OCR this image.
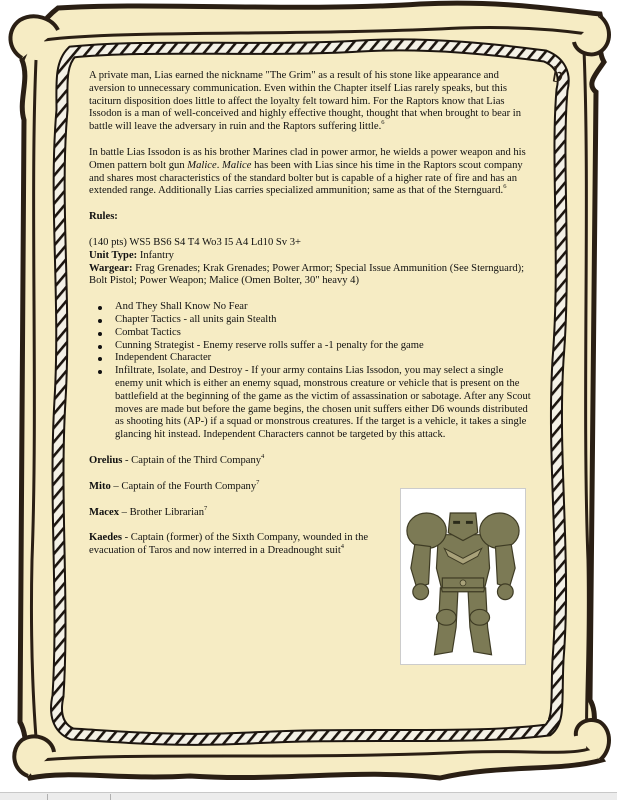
b

A private man, Lias earned the nickname "The Grim" as a result of his stone like appearance and aversion to unnecessary communication. Even within the Chapter itself Lias rarely speaks, but this taciturn disposition does little to affect the loyalty felt toward him. For the Raptors know that Lias Issodon is a man of well-conceived and highly effective thought, thought that when brought to bear in battle will leave the adversary in ruin and the Raptors suffering little.$^6$

In battle Lias Issodon is as his brother Marines clad in power armor, he wields a power weapon and his Omen pattern bolt gun Malice. Malice has been with Lias since his time in the Raptors scout company and shares most characteristics of the standard bolter but is capable of a higher rate of fire and has an extended range. Additionally Lias carries specialized ammunition; same as that of the Sternguard.$^6$

Rules:

(140 pts) WS5 BS6 S4 T4 Wo3 I5 A4 Ld10 Sv 3+

Unit Type: Infantry

Wargear: Frag Grenades; Krak Grenades; Power Armor; Special Issue Ammunition (See Sternguard); Bolt Pistol; Power Weapon; Malice (Omen Bolter, 30" heavy 4)

And They Shall Know No Fear
Chapter Tactics - all units gain Stealth
Combat Tactics
Cunning Strategist - Enemy reserve rolls suffer a -1 penalty for the game
Independent Character
Infiltrate, Isolate, and Destroy - If your army contains Lias Issodon, you may select a single enemy unit which is either an enemy squad, monstrous creature or vehicle that is present on the battlefield at the beginning of the game as the victim of assassination or sabotage. After any Scout moves are made but before the game begins, the chosen unit suffers either D6 wounds distributed as shooting hits (AP-) if a squad or monstrous creatures. If the target is a vehicle, it takes a single glancing hit instead. Independent Characters cannot be targeted by this attack.

Orelius - Captain of the Third Company$^4$

Mito – Captain of the Fourth Company$^7$

Macex – Brother Librarian$^7$

Kaedes - Captain (former) of the Sixth Company, wounded in the evacuation of Taros and now interred in a Dreadnought suit$^4$
